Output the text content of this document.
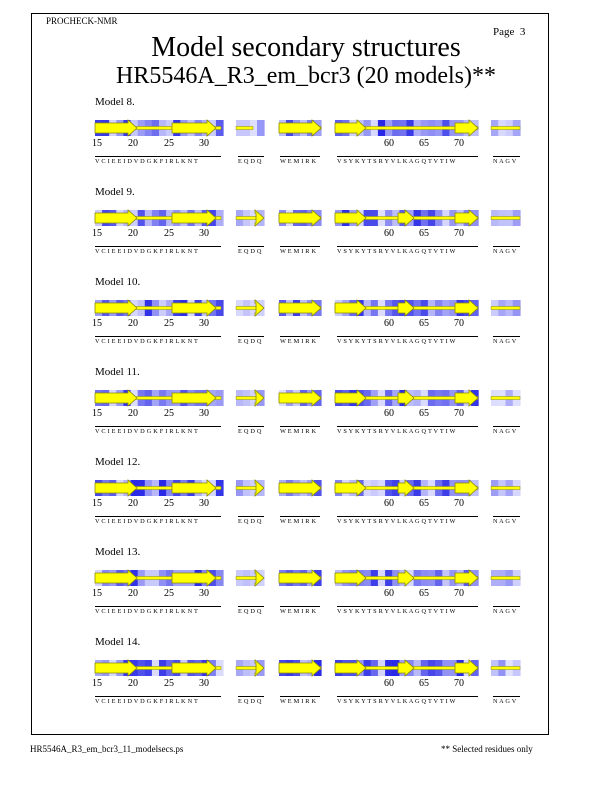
PROCHECK-NMR
Page 3
Model secondary structures
HR5546A_R3_em_bcr3 (20 models)**
Model 8.
15	20	25	30	60	65	70
V C I E E I D V D G K F I R L K N T	E Q D Q	W E M I R K	V S Y K Y T S R Y V L K A G Q T V T I W	N A G V
Model 9.
15	20	25	30	60	65	70
V C I E E I D V D G K F I R L K N T	E Q D Q	W E M I R K	V S Y K Y T S R Y V L K A G Q T V T I W	N A G V
Model 10.
15	20	25	30	60	65	70
V C I E E I D V D G K F I R L K N T	E Q D Q	W E M I R K	V S Y K Y T S R Y V L K A G Q T V T I W	N A G V
Model 11.
15	20	25	30	60	65	70
V C I E E I D V D G K F I R L K N T	E Q D Q	W E M I R K	V S Y K Y T S R Y V L K A G Q T V T I W	N A G V
Model 12.
15	20	25	30	60	65	70
V C I E E I D V D G K F I R L K N T	E Q D Q	W E M I R K	V S Y K Y T S R Y V L K A G Q T V T I W	N A G V
Model 13.
15	20	25	30	60	65	70
V C I E E I D V D G K F I R L K N T	E Q D Q	W E M I R K	V S Y K Y T S R Y V L K A G Q T V T I W	N A G V
Model 14.
15	20	25	30	60	65	70
V C I E E I D V D G K F I R L K N T	E Q D Q	W E M I R K	V S Y K Y T S R Y V L K A G Q T V T I W	N A G V
HR5546A_R3_em_bcr3_11_modelsecs.ps	** Selected residues only
